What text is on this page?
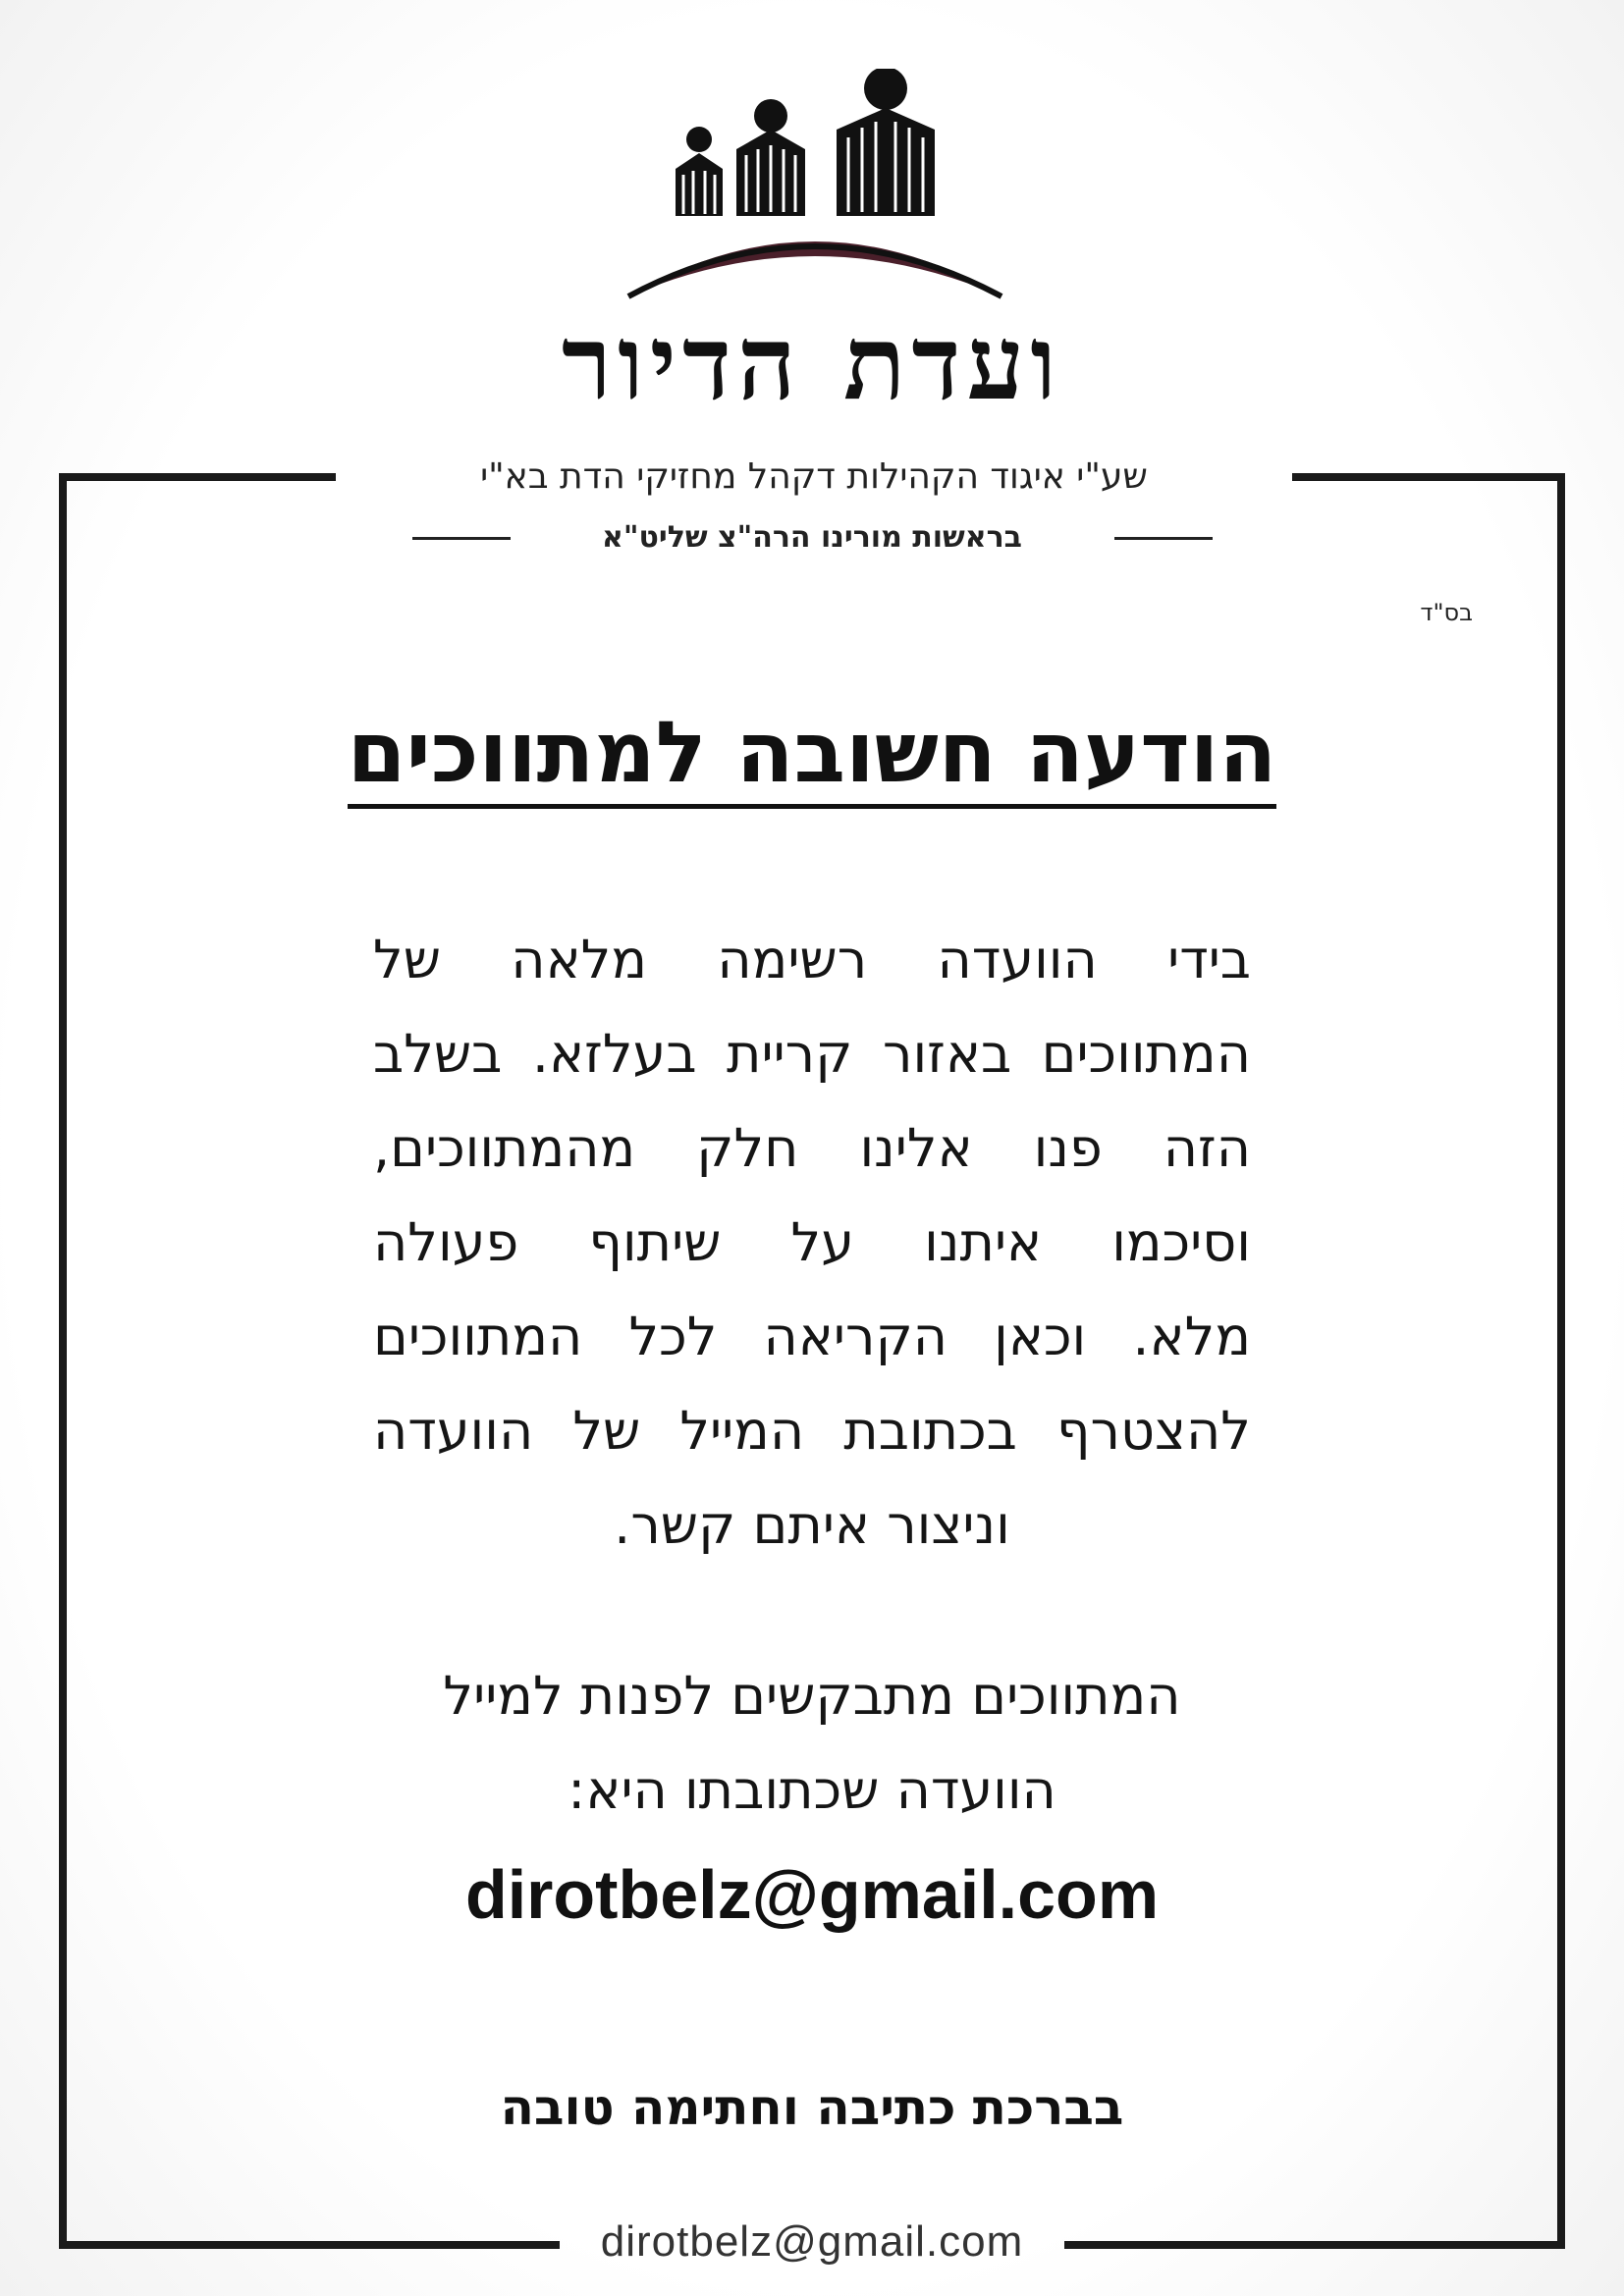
ועדת הדיור
שע"י איגוד הקהילות דקהל מחזיקי הדת בא"י
בראשות מורינו הרה"צ שליט"א
בס"ד
הודעה חשובה למתווכים
בידי הוועדה רשימה מלאה של
המתווכים באזור קריית בעלזא. בשלב
הזה פנו אלינו חלק מהמתווכים,
וסיכמו איתנו על שיתוף פעולה
מלא. וכאן הקריאה לכל המתווכים
להצטרף בכתובת המייל של הוועדה
וניצור איתם קשר.
המתווכים מתבקשים לפנות למייל
הוועדה שכתובתו היא:
dirotbelz@gmail.com
בברכת כתיבה וחתימה טובה
dirotbelz@gmail.com
